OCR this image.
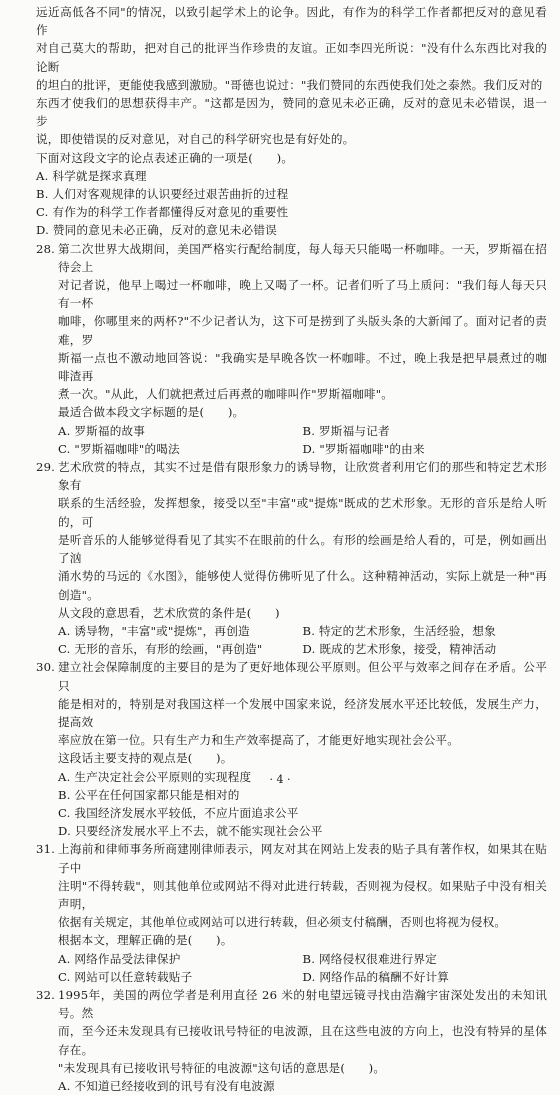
远近高低各不同"的情况，以致引起学术上的论争。因此，有作为的科学工作者都把反对的意见看作

对自己莫大的帮助，把对自己的批评当作珍贵的友谊。正如李四光所说："没有什么东西比对我的论断

的坦白的批评，更能使我感到激励。"哥德也说过："我们赞同的东西使我们处之泰然。我们反对的

东西才使我们的思想获得丰产。"这都是因为，赞同的意见未必正确，反对的意见未必错误，退一步

说，即使错误的反对意见，对自己的科学研究也是有好处的。

下面对这段文字的论点表述正确的一项是(　　)。

A. 科学就是探求真理
B. 人们对客观规律的认识要经过艰苦曲折的过程
C. 有作为的科学工作者都懂得反对意见的重要性
D. 赞同的意见未必正确，反对的意见未必错误
28. 第二次世界大战期间，美国严格实行配给制度，每人每天只能喝一杯咖啡。一天，罗斯福在招待会上

对记者说，他早上喝过一杯咖啡，晚上又喝了一杯。记者们听了马上质问："我们每人每天只有一杯

咖啡，你哪里来的两杯?"不少记者认为，这下可是捞到了头版头条的大新闻了。面对记者的责难，罗

斯福一点也不激动地回答说："我确实是早晚各饮一杯咖啡。不过，晚上我是把早晨煮过的咖啡渣再

煮一次。"从此，人们就把煮过后再煮的咖啡叫作"罗斯福咖啡"。

最适合做本段文字标题的是(　　)。

A. 罗斯福的故事	B. 罗斯福与记者
C. "罗斯福咖啡"的喝法	D. "罗斯福咖啡"的由来
29. 艺术欣赏的特点，其实不过是借有限形象力的诱导物，让欣赏者利用它们的那些和特定艺术形象有

联系的生活经验，发挥想象，接受以至"丰富"或"提炼"既成的艺术形象。无形的音乐是给人听的，可

是听音乐的人能够觉得看见了其实不在眼前的什么。有形的绘画是给人看的，可是，例如画出了汹

涌水势的马远的《水图》，能够使人觉得仿佛听见了什么。这种精神活动，实际上就是一种"再创造"。

从文段的意思看，艺术欣赏的条件是(　　)

A. 诱导物，"丰富"或"提炼"，再创造	B. 特定的艺术形象，生活经验，想象
C. 无形的音乐，有形的绘画，"再创造"	D. 既成的艺术形象，接受，精神活动
30. 建立社会保障制度的主要目的是为了更好地体现公平原则。但公平与效率之间存在矛盾。公平只

能是相对的，特别是对我国这样一个发展中国家来说，经济发展水平还比较低，发展生产力，提高效

率应放在第一位。只有生产力和生产效率提高了，才能更好地实现社会公平。

这段话主要支持的观点是(　　)。

A. 生产决定社会公平原则的实现程度
B. 公平在任何国家都只能是相对的
C. 我国经济发展水平较低，不应片面追求公平
D. 只要经济发展水平上不去，就不能实现社会公平
31. 上海前和律师事务所商建刚律师表示，网友对其在网站上发表的贴子具有著作权，如果其在贴子中

注明"不得转载"，则其他单位或网站不得对此进行转载，否则视为侵权。如果贴子中没有相关声明，

依据有关规定，其他单位或网站可以进行转载，但必须支付稿酬，否则也将视为侵权。

根据本文，理解正确的是(　　)。

A. 网络作品受法律保护	B. 网络侵权很难进行界定
C. 网站可以任意转载贴子	D. 网络作品的稿酬不好计算
32. 1995年，美国的两位学者是利用直径 26 米的射电望远镜寻找由浩瀚宇宙深处发出的未知讯号。然

而，至今还未发现具有已接收讯号特征的电波源，且在这些电波的方向上，也没有特异的星体存在。

"未发现具有已接收讯号特征的电波源"这句话的意思是(　　)。

A. 不知道已经接收到的讯号有没有电波源
· 4 ·
